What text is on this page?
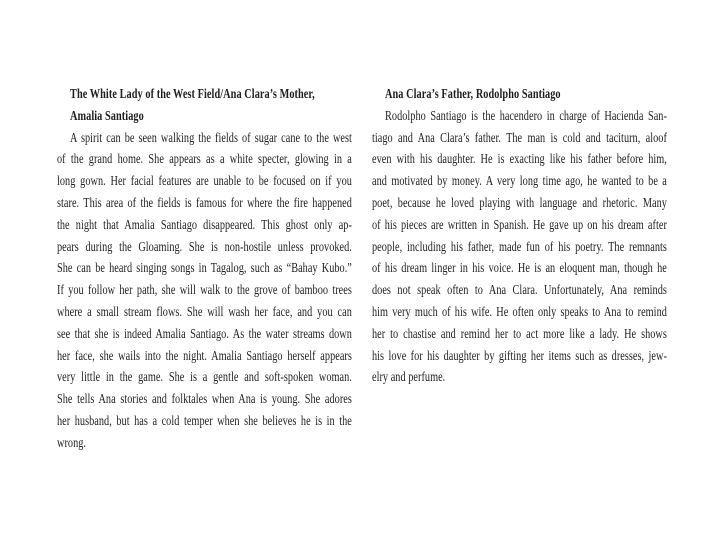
The White Lady of the West Field/Ana Clara’s Mother,
Amalia Santiago
A spirit can be seen walking the fields of sugar cane to the west
of the grand home. She appears as a white specter, glowing in a
long gown. Her facial features are unable to be focused on if you
stare. This area of the fields is famous for where the fire happened
the night that Amalia Santiago disappeared. This ghost only ap-
pears during the Gloaming. She is non-hostile unless provoked.
She can be heard singing songs in Tagalog, such as “Bahay Kubo.”
If you follow her path, she will walk to the grove of bamboo trees
where a small stream flows. She will wash her face, and you can
see that she is indeed Amalia Santiago. As the water streams down
her face, she wails into the night. Amalia Santiago herself appears
very little in the game. She is a gentle and soft-spoken woman.
She tells Ana stories and folktales when Ana is young. She adores
her husband, but has a cold temper when she believes he is in the
wrong.
Ana Clara’s Father, Rodolpho Santiago
Rodolpho Santiago is the hacendero in charge of Hacienda San-
tiago and Ana Clara’s father. The man is cold and taciturn, aloof
even with his daughter. He is exacting like his father before him,
and motivated by money. A very long time ago, he wanted to be a
poet, because he loved playing with language and rhetoric. Many
of his pieces are written in Spanish. He gave up on his dream after
people, including his father, made fun of his poetry. The remnants
of his dream linger in his voice. He is an eloquent man, though he
does not speak often to Ana Clara. Unfortunately, Ana reminds
him very much of his wife. He often only speaks to Ana to remind
her to chastise and remind her to act more like a lady. He shows
his love for his daughter by gifting her items such as dresses, jew-
elry and perfume.
